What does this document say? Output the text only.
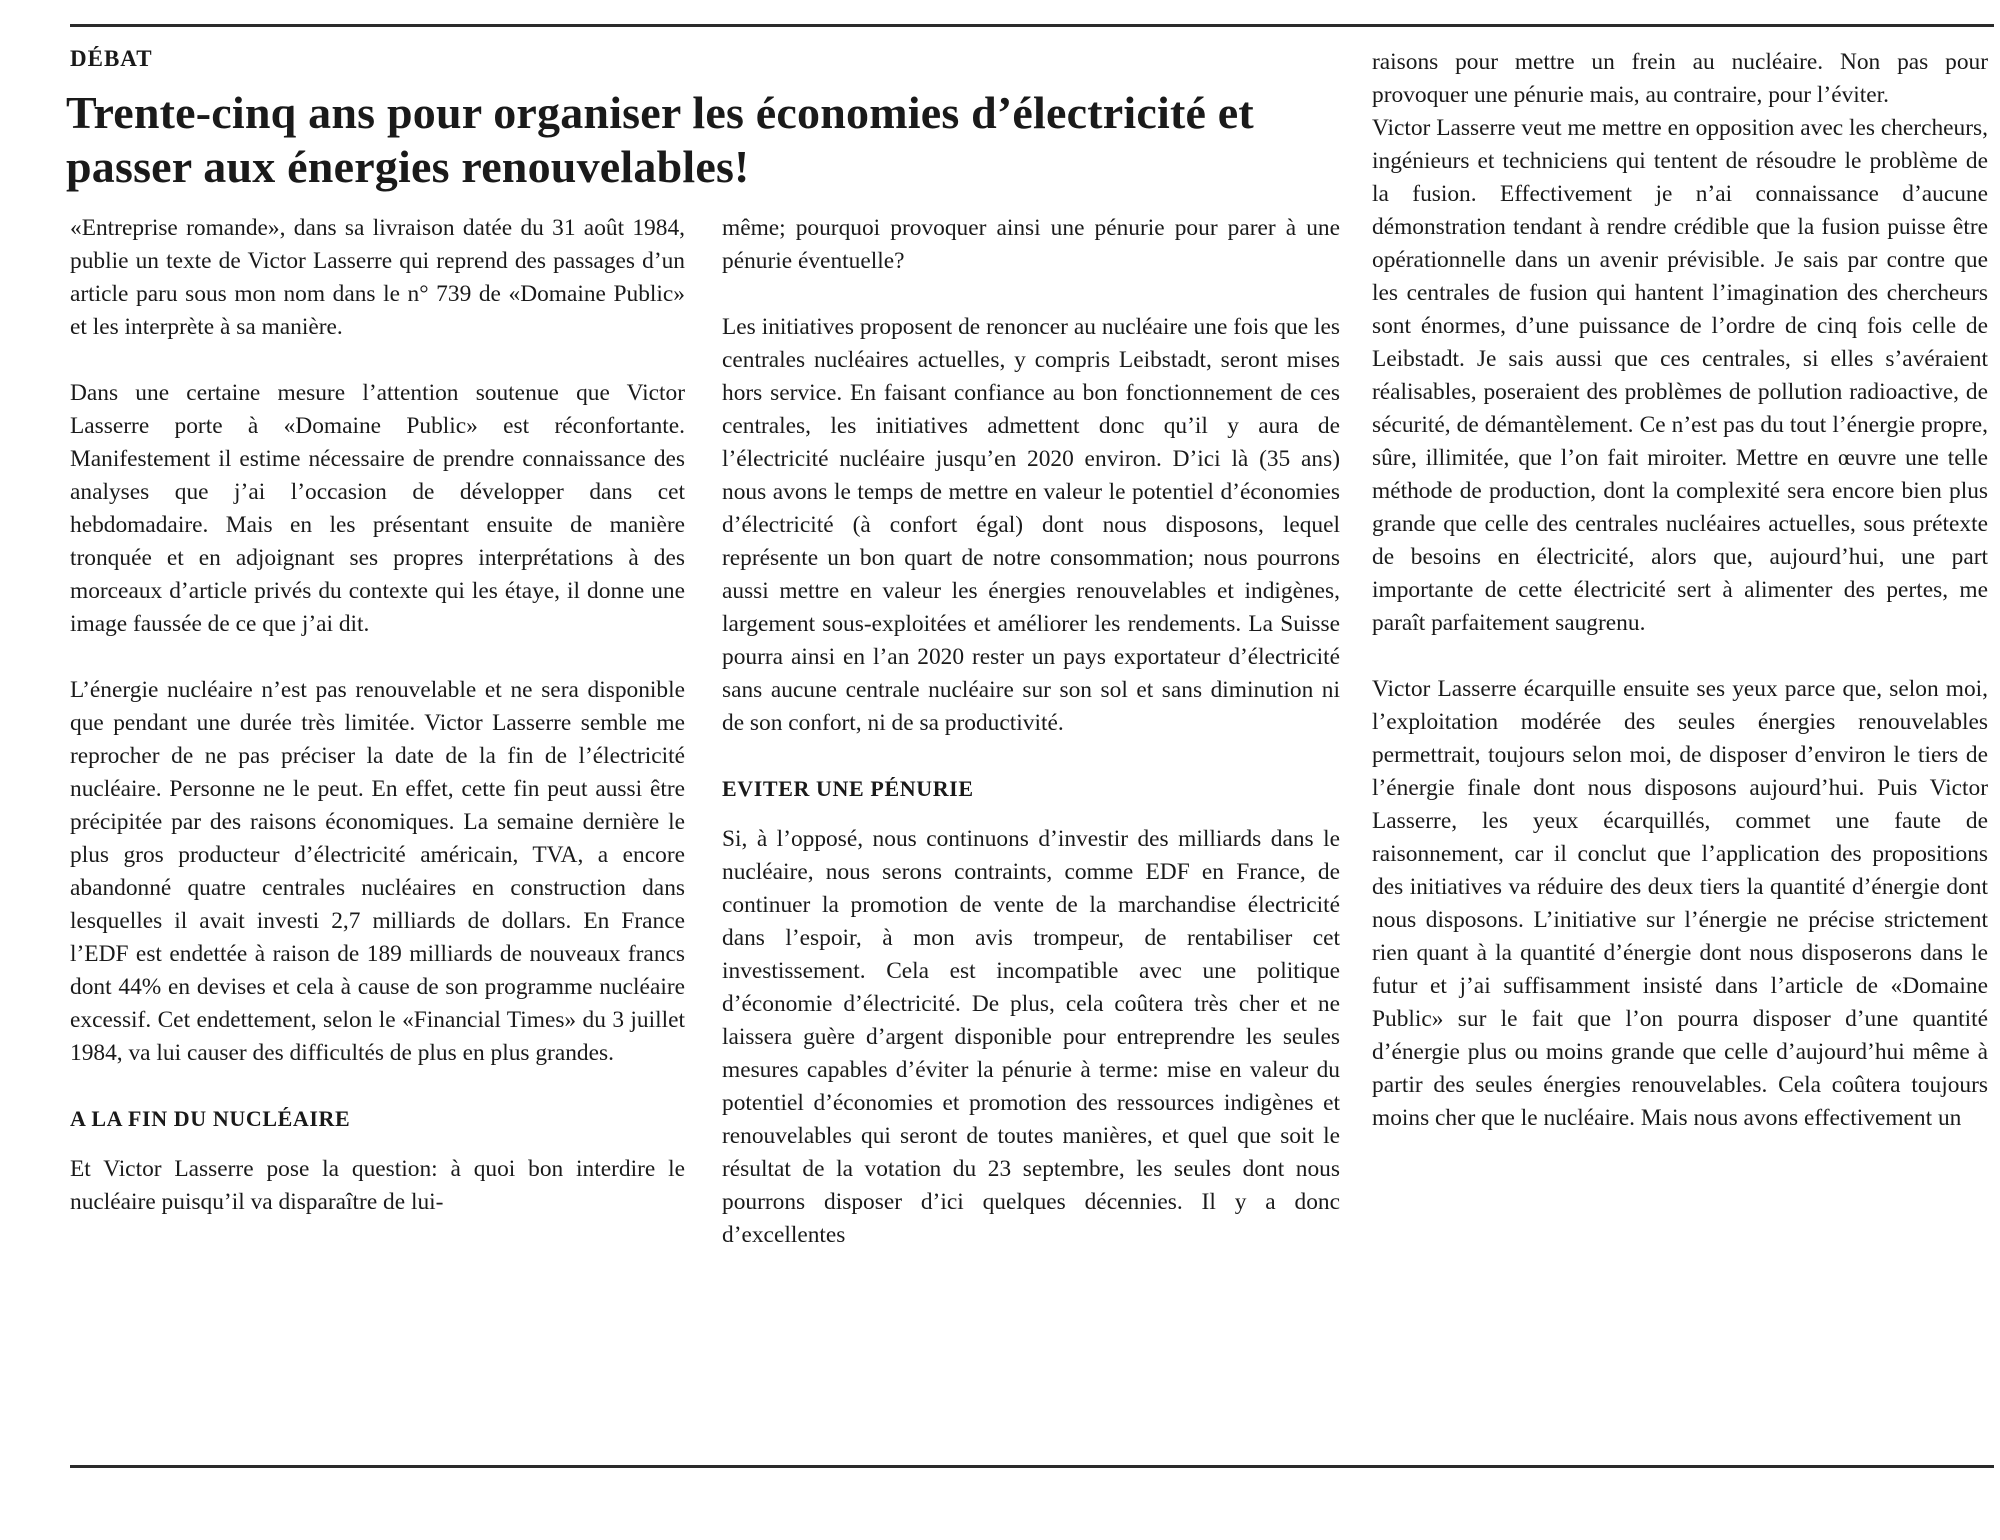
DÉBAT
Trente-cinq ans pour organiser les économies d’électricité et passer aux énergies renouvelables!

«Entreprise romande», dans sa livraison datée du 31 août 1984, publie un texte de Victor Lasserre qui reprend des passages d’un article paru sous mon nom dans le n° 739 de «Domaine Public» et les interprète à sa manière.

Dans une certaine mesure l’attention soutenue que Victor Lasserre porte à «Domaine Public» est réconfortante. Manifestement il estime nécessaire de prendre connaissance des analyses que j’ai l’occasion de développer dans cet hebdomadaire. Mais en les présentant ensuite de manière tronquée et en adjoignant ses propres interprétations à des morceaux d’article privés du contexte qui les étaye, il donne une image faussée de ce que j’ai dit.

L’énergie nucléaire n’est pas renouvelable et ne sera disponible que pendant une durée très limitée. Victor Lasserre semble me reprocher de ne pas préciser la date de la fin de l’électricité nucléaire. Personne ne le peut. En effet, cette fin peut aussi être précipitée par des raisons économiques. La semaine dernière le plus gros producteur d’électricité américain, TVA, a encore abandonné quatre centrales nucléaires en construction dans lesquelles il avait investi 2,7 milliards de dollars. En France l’EDF est endettée à raison de 189 milliards de nouveaux francs dont 44% en devises et cela à cause de son programme nucléaire excessif. Cet endettement, selon le «Financial Times» du 3 juillet 1984, va lui causer des difficultés de plus en plus grandes.

A LA FIN DU NUCLÉAIRE

Et Victor Lasserre pose la question: à quoi bon interdire le nucléaire puisqu’il va disparaître de lui-

même; pourquoi provoquer ainsi une pénurie pour parer à une pénurie éventuelle?

Les initiatives proposent de renoncer au nucléaire une fois que les centrales nucléaires actuelles, y compris Leibstadt, seront mises hors service. En faisant confiance au bon fonctionnement de ces centrales, les initiatives admettent donc qu’il y aura de l’électricité nucléaire jusqu’en 2020 environ. D’ici là (35 ans) nous avons le temps de mettre en valeur le potentiel d’économies d’électricité (à confort égal) dont nous disposons, lequel représente un bon quart de notre consommation; nous pourrons aussi mettre en valeur les énergies renouvelables et indigènes, largement sous-exploitées et améliorer les rendements. La Suisse pourra ainsi en l’an 2020 rester un pays exportateur d’électricité sans aucune centrale nucléaire sur son sol et sans diminution ni de son confort, ni de sa productivité.

EVITER UNE PÉNURIE

Si, à l’opposé, nous continuons d’investir des milliards dans le nucléaire, nous serons contraints, comme EDF en France, de continuer la promotion de vente de la marchandise électricité dans l’espoir, à mon avis trompeur, de rentabiliser cet investissement. Cela est incompatible avec une politique d’économie d’électricité. De plus, cela coûtera très cher et ne laissera guère d’argent disponible pour entreprendre les seules mesures capables d’éviter la pénurie à terme: mise en valeur du potentiel d’économies et promotion des ressources indigènes et renouvelables qui seront de toutes manières, et quel que soit le résultat de la votation du 23 septembre, les seules dont nous pourrons disposer d’ici quelques décennies. Il y a donc d’excellentes

raisons pour mettre un frein au nucléaire. Non pas pour provoquer une pénurie mais, au contraire, pour l’éviter.

Victor Lasserre veut me mettre en opposition avec les chercheurs, ingénieurs et techniciens qui tentent de résoudre le problème de la fusion. Effectivement je n’ai connaissance d’aucune démonstration tendant à rendre crédible que la fusion puisse être opérationnelle dans un avenir prévisible. Je sais par contre que les centrales de fusion qui hantent l’imagination des chercheurs sont énormes, d’une puissance de l’ordre de cinq fois celle de Leibstadt. Je sais aussi que ces centrales, si elles s’avéraient réalisables, poseraient des problèmes de pollution radioactive, de sécurité, de démantèlement. Ce n’est pas du tout l’énergie propre, sûre, illimitée, que l’on fait miroiter. Mettre en œuvre une telle méthode de production, dont la complexité sera encore bien plus grande que celle des centrales nucléaires actuelles, sous prétexte de besoins en électricité, alors que, aujourd’hui, une part importante de cette électricité sert à alimenter des pertes, me paraît parfaitement saugrenu.

Victor Lasserre écarquille ensuite ses yeux parce que, selon moi, l’exploitation modérée des seules énergies renouvelables permettrait, toujours selon moi, de disposer d’environ le tiers de l’énergie finale dont nous disposons aujourd’hui. Puis Victor Lasserre, les yeux écarquillés, commet une faute de raisonnement, car il conclut que l’application des propositions des initiatives va réduire des deux tiers la quantité d’énergie dont nous disposons. L’initiative sur l’énergie ne précise strictement rien quant à la quantité d’énergie dont nous disposerons dans le futur et j’ai suffisamment insisté dans l’article de «Domaine Public» sur le fait que l’on pourra disposer d’une quantité d’énergie plus ou moins grande que celle d’aujourd’hui même à partir des seules énergies renouvelables. Cela coûtera toujours moins cher que le nucléaire. Mais nous avons effectivement un
